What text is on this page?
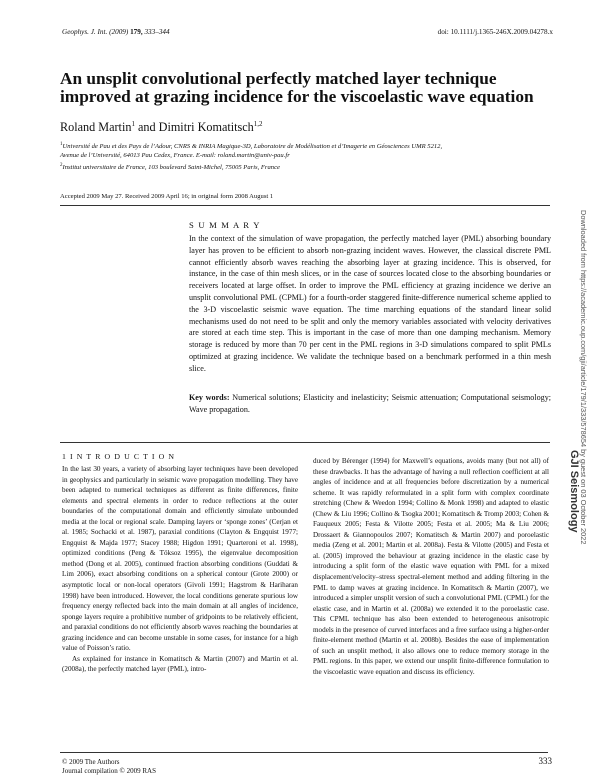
Geophys. J. Int. (2009) 179, 333–344	doi: 10.1111/j.1365-246X.2009.04278.x
An unsplit convolutional perfectly matched layer technique improved at grazing incidence for the viscoelastic wave equation
Roland Martin$^1$ and Dimitri Komatitsch$^{1,2}$
$^1$Université de Pau et des Pays de l’Adour, CNRS & INRIA Magique-3D, Laboratoire de Modélisation et d’Imagerie en Géosciences UMR 5212,
Avenue de l’Université, 64013 Pau Cedex, France. E-mail: roland.martin@univ-pau.fr
$^2$Institut universitaire de France, 103 boulevard Saint-Michel, 75005 Paris, France
Accepted 2009 May 27. Received 2009 April 16; in original form 2008 August 1
S U M M A R Y
In the context of the simulation of wave propagation, the perfectly matched layer (PML) absorbing boundary layer has proven to be efficient to absorb non-grazing incident waves. However, the classical discrete PML cannot efficiently absorb waves reaching the absorbing layer at grazing incidence. This is observed, for instance, in the case of thin mesh slices, or in the case of sources located close to the absorbing boundaries or receivers located at large offset. In order to improve the PML efficiency at grazing incidence we derive an unsplit convolutional PML (CPML) for a fourth-order staggered finite-difference numerical scheme applied to the 3-D viscoelastic seismic wave equation. The time marching equations of the standard linear solid mechanisms used do not need to be split and only the memory variables associated with velocity derivatives are stored at each time step. This is important in the case of more than one damping mechanism. Memory storage is reduced by more than 70 per cent in the PML regions in 3-D simulations compared to split PMLs optimized at grazing incidence. We validate the technique based on a benchmark performed in a thin mesh slice.
Key words: Numerical solutions; Elasticity and inelasticity; Seismic attenuation; Computational seismology; Wave propagation.
1 I N T R O D U C T I O N

In the last 30 years, a variety of absorbing layer techniques have been developed in geophysics and particularly in seismic wave propagation modelling. They have been adapted to numerical techniques as different as finite differences, finite elements and spectral elements in order to reduce reflections at the outer boundaries of the computational domain and efficiently simulate unbounded media at the local or regional scale. Damping layers or ‘sponge zones’ (Cerjan et al. 1985; Sochacki et al. 1987), paraxial conditions (Clayton & Engquist 1977; Engquist & Majda 1977; Stacey 1988; Higdon 1991; Quarteroni et al. 1998), optimized conditions (Peng & Töksoz 1995), the eigenvalue decomposition method (Dong et al. 2005), continued fraction absorbing conditions (Guddati & Lim 2006), exact absorbing conditions on a spherical contour (Grote 2000) or asymptotic local or non-local operators (Givoli 1991; Hagstrom & Hariharan 1998) have been introduced. However, the local conditions generate spurious low frequency energy reflected back into the main domain at all angles of incidence, sponge layers require a prohibitive number of gridpoints to be relatively efficient, and paraxial conditions do not efficiently absorb waves reaching the boundaries at grazing incidence and can become unstable in some cases, for instance for a high value of Poisson’s ratio.

As explained for instance in Komatitsch & Martin (2007) and Martin et al. (2008a), the perfectly matched layer (PML), intro-

duced by Bérenger (1994) for Maxwell’s equations, avoids many (but not all) of these drawbacks. It has the advantage of having a null reflection coefficient at all angles of incidence and at all frequencies before discretization by a numerical scheme. It was rapidly reformulated in a split form with complex coordinate stretching (Chew & Weedon 1994; Collino & Monk 1998) and adapted to elastic (Chew & Liu 1996; Collino & Tsogka 2001; Komatitsch & Tromp 2003; Cohen & Fauqueux 2005; Festa & Vilotte 2005; Festa et al. 2005; Ma & Liu 2006; Drossaert & Giannopoulos 2007; Komatitsch & Martin 2007) and poroelastic media (Zeng et al. 2001; Martin et al. 2008a). Festa & Vilotte (2005) and Festa et al. (2005) improved the behaviour at grazing incidence in the elastic case by introducing a split form of the elastic wave equation with PML for a mixed displacement/velocity–stress spectral-element method and adding filtering in the PML to damp waves at grazing incidence. In Komatitsch & Martin (2007), we introduced a simpler unsplit version of such a convolutional PML (CPML) for the elastic case, and in Martin et al. (2008a) we extended it to the poroelastic case. This CPML technique has also been extended to heterogeneous anisotropic models in the presence of curved interfaces and a free surface using a higher-order finite-element method (Martin et al. 2008b). Besides the ease of implementation of such an unsplit method, it also allows one to reduce memory storage in the PML regions. In this paper, we extend our unsplit finite-difference formulation to the viscoelastic wave equation and discuss its efficiency.

© 2009 The Authors
Journal compilation © 2009 RAS
333
Downloaded from https://academic.oup.com/gji/article/179/1/333/578654 by guest on 03 October 2022
GJI Seismology
